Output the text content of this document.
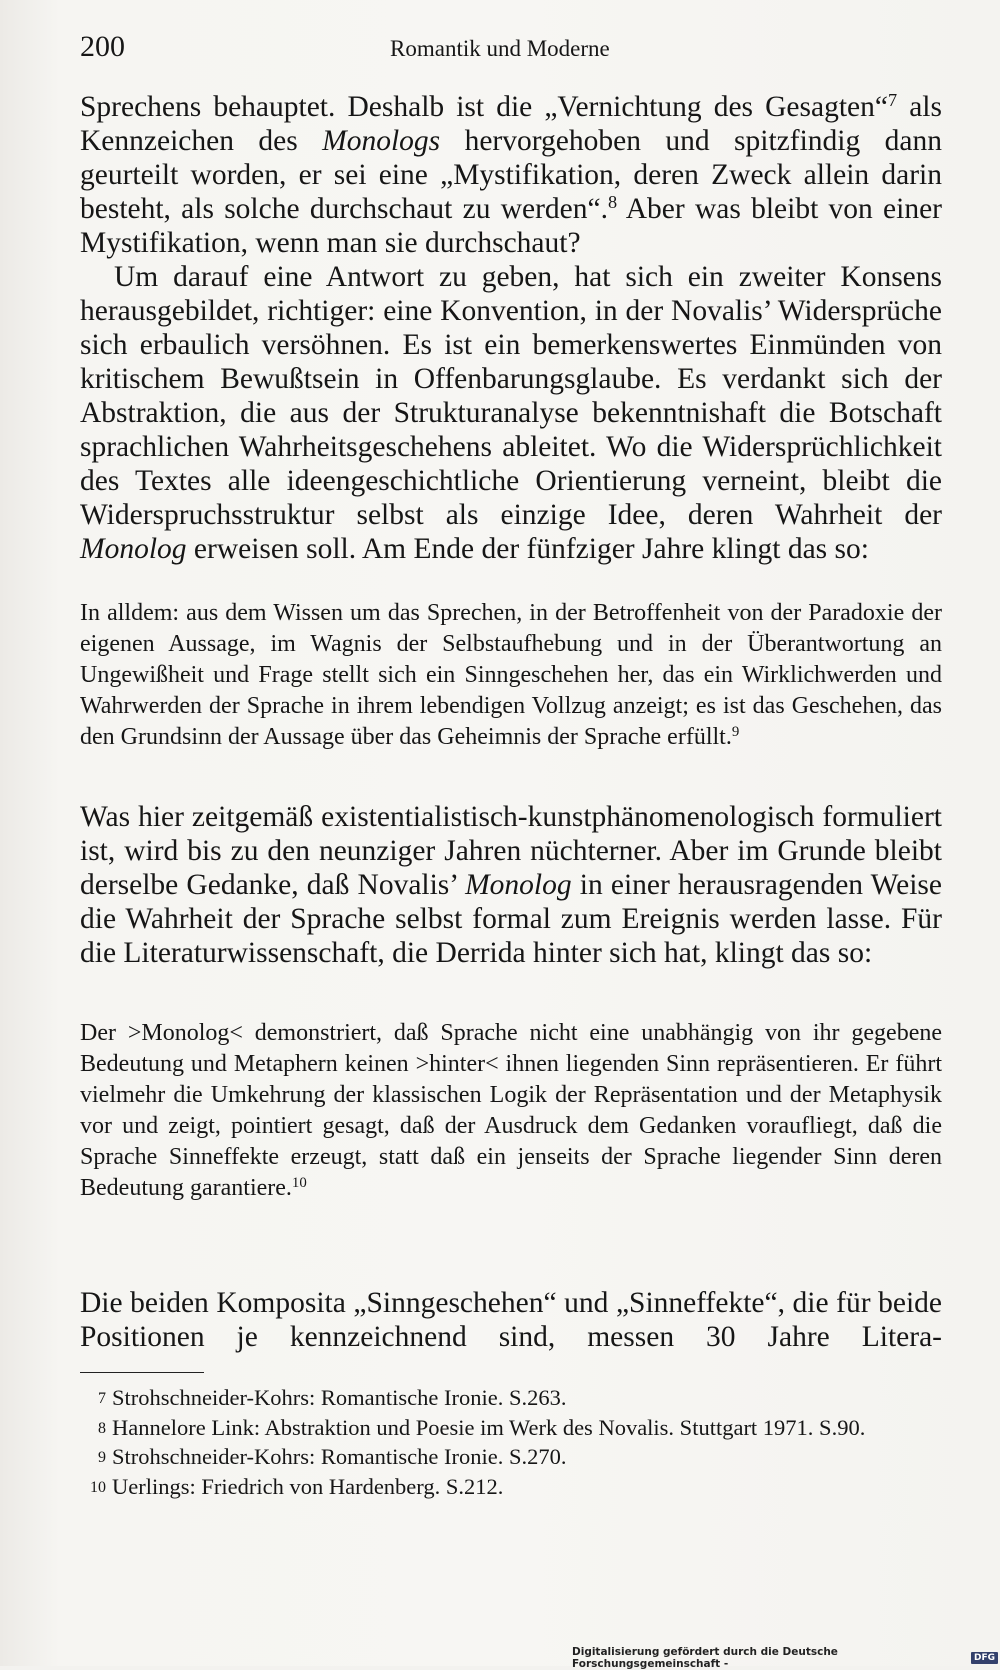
200	Romantik und Moderne

Sprechens behauptet. Deshalb ist die „Vernichtung des Gesagten“$^7$ als Kennzeichen des Monologs hervorgehoben und spitzfindig dann geurteilt worden, er sei eine „Mystifikation, deren Zweck allein darin besteht, als solche durchschaut zu werden“.$^8$ Aber was bleibt von einer Mystifikation, wenn man sie durchschaut?

Um darauf eine Antwort zu geben, hat sich ein zweiter Konsens herausgebildet, richtiger: eine Konvention, in der Novalis’ Widersprüche sich erbaulich versöhnen. Es ist ein bemerkenswertes Einmünden von kritischem Bewußtsein in Offenbarungsglaube. Es verdankt sich der Abstraktion, die aus der Strukturanalyse bekenntnishaft die Botschaft sprachlichen Wahrheitsgeschehens ableitet. Wo die Widersprüchlichkeit des Textes alle ideengeschichtliche Orientierung verneint, bleibt die Widerspruchsstruktur selbst als einzige Idee, deren Wahrheit der Monolog erweisen soll. Am Ende der fünfziger Jahre klingt das so:

In alldem: aus dem Wissen um das Sprechen, in der Betroffenheit von der Paradoxie der eigenen Aussage, im Wagnis der Selbstaufhebung und in der Überantwortung an Ungewißheit und Frage stellt sich ein Sinngeschehen her, das ein Wirklichwerden und Wahrwerden der Sprache in ihrem lebendigen Vollzug anzeigt; es ist das Geschehen, das den Grundsinn der Aussage über das Geheimnis der Sprache erfüllt.$^9$

Was hier zeitgemäß existentialistisch-kunstphänomenologisch formuliert ist, wird bis zu den neunziger Jahren nüchterner. Aber im Grunde bleibt derselbe Gedanke, daß Novalis’ Monolog in einer herausragenden Weise die Wahrheit der Sprache selbst formal zum Ereignis werden lasse. Für die Literaturwissenschaft, die Derrida hinter sich hat, klingt das so:

Der >Monolog< demonstriert, daß Sprache nicht eine unabhängig von ihr gegebene Bedeutung und Metaphern keinen >hinter< ihnen liegenden Sinn repräsentieren. Er führt vielmehr die Umkehrung der klassischen Logik der Repräsentation und der Metaphysik vor und zeigt, pointiert gesagt, daß der Ausdruck dem Gedanken voraufliegt, daß die Sprache Sinneffekte erzeugt, statt daß ein jenseits der Sprache liegender Sinn deren Bedeutung garantiere.$^{10}$

Die beiden Komposita „Sinngeschehen“ und „Sinneffekte“, die für beide Positionen je kennzeichnend sind, messen 30 Jahre Litera-

7 Strohschneider-Kohrs: Romantische Ironie. S.263.
8 Hannelore Link: Abstraktion und Poesie im Werk des Novalis. Stuttgart 1971. S.90.
9 Strohschneider-Kohrs: Romantische Ironie. S.270.
10 Uerlings: Friedrich von Hardenberg. S.212.
Digitalisierung gefördert durch die Deutsche Forschungsgemeinschaft -	DFG
